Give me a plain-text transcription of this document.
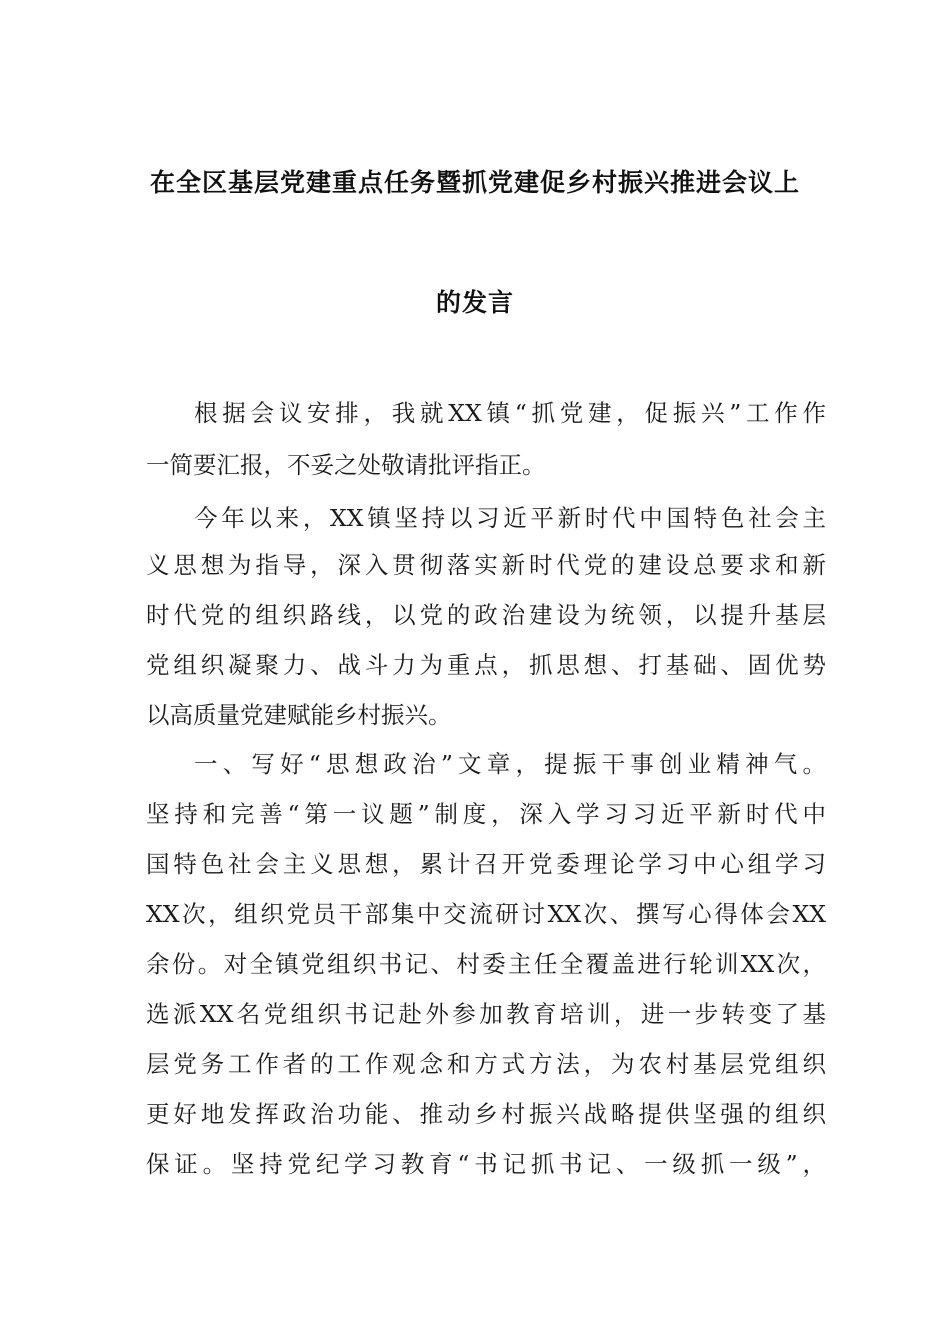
在全区基层党建重点任务暨抓党建促乡村振兴推进会议上
的发言
根据会议安排，我就XX镇“抓党建，促振兴”工作作
一简要汇报，不妥之处敬请批评指正。
今年以来，XX镇坚持以习近平新时代中国特色社会主
义思想为指导，深入贯彻落实新时代党的建设总要求和新
时代党的组织路线，以党的政治建设为统领，以提升基层
党组织凝聚力、战斗力为重点，抓思想、打基础、固优势
以高质量党建赋能乡村振兴。
一、写好“思想政治”文章，提振干事创业精神气。
坚持和完善“第一议题”制度，深入学习习近平新时代中
国特色社会主义思想，累计召开党委理论学习中心组学习
XX次，组织党员干部集中交流研讨XX次、撰写心得体会XX
余份。对全镇党组织书记、村委主任全覆盖进行轮训XX次，
选派XX名党组织书记赴外参加教育培训，进一步转变了基
层党务工作者的工作观念和方式方法，为农村基层党组织
更好地发挥政治功能、推动乡村振兴战略提供坚强的组织
保证。坚持党纪学习教育“书记抓书记、一级抓一级”，
